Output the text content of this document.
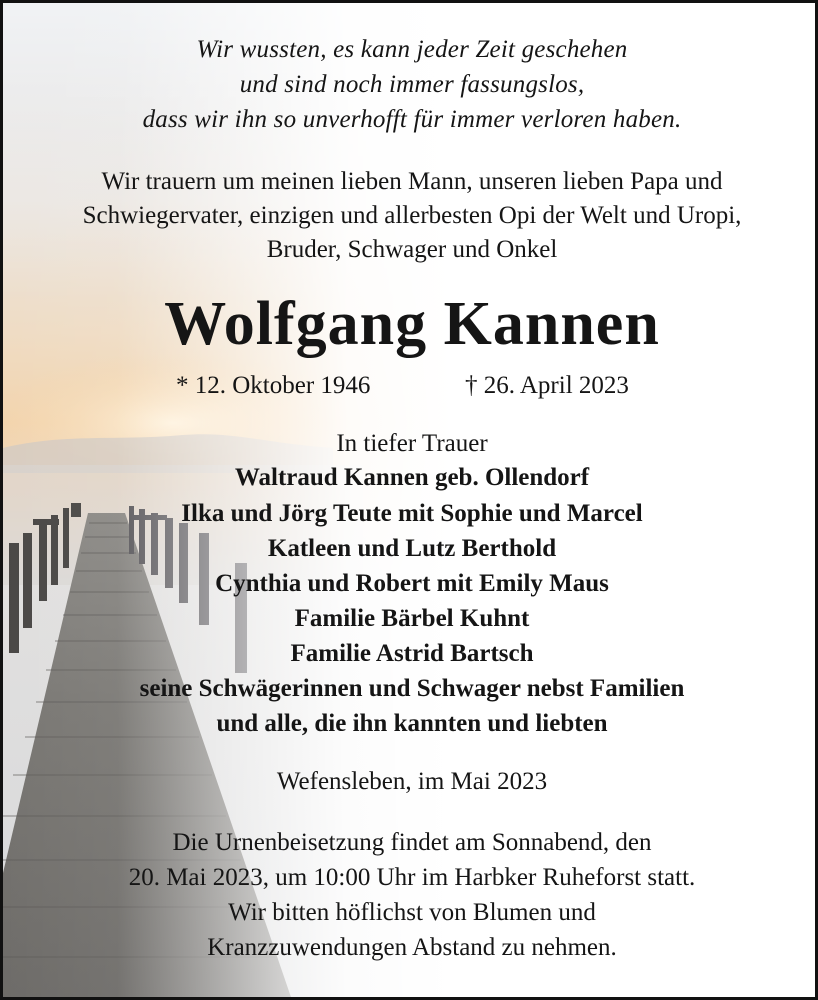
Wir wussten, es kann jeder Zeit geschehen
und sind noch immer fassungslos,
dass wir ihn so unverhofft für immer verloren haben.
Wir trauern um meinen lieben Mann, unseren lieben Papa und
Schwiegervater, einzigen und allerbesten Opi der Welt und Uropi,
Bruder, Schwager und Onkel
Wolfgang Kannen
* 12. Oktober 1946	† 26. April 2023
In tiefer Trauer
Waltraud Kannen geb. Ollendorf
Ilka und Jörg Teute mit Sophie und Marcel
Katleen und Lutz Berthold
Cynthia und Robert mit Emily Maus
Familie Bärbel Kuhnt
Familie Astrid Bartsch
seine Schwägerinnen und Schwager nebst Familien
und alle, die ihn kannten und liebten
Wefensleben, im Mai 2023
Die Urnenbeisetzung findet am Sonnabend, den
20. Mai 2023, um 10:00 Uhr im Harbker Ruheforst statt.
Wir bitten höflichst von Blumen und
Kranzzuwendungen Abstand zu nehmen.
